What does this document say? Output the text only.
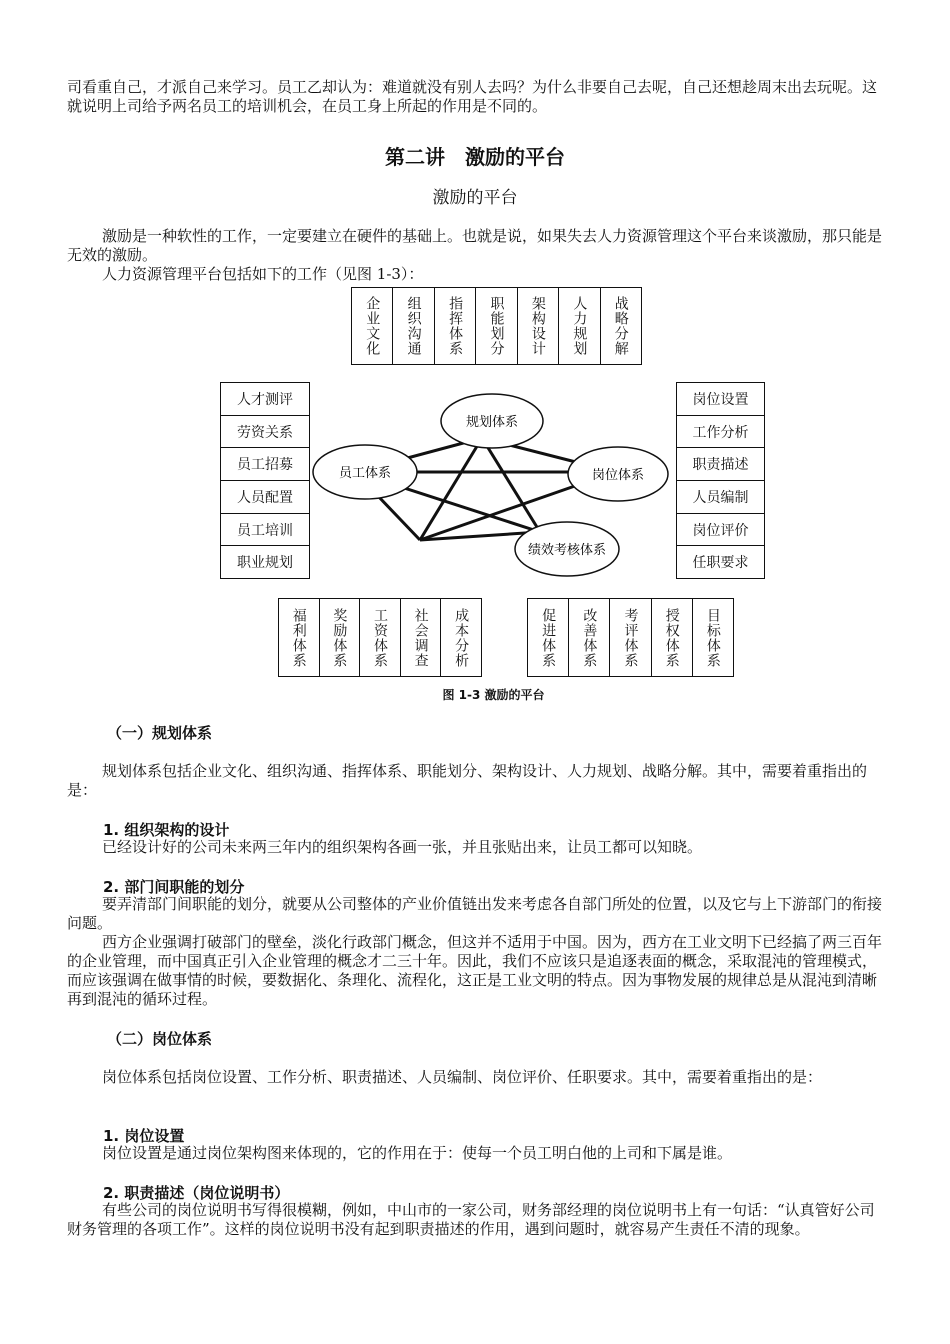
司看重自己，才派自己来学习。员工乙却认为：难道就没有别人去吗？为什么非要自己去呢，自己还想趁周末出去玩呢。这就说明上司给予两名员工的培训机会，在员工身上所起的作用是不同的。

第二讲　激励的平台
激励的平台

激励是一种软性的工作，一定要建立在硬件的基础上。也就是说，如果失去人力资源管理这个平台来谈激励，那只能是无效的激励。

人力资源管理平台包括如下的工作（见图 1-3）：

企业文化	组织沟通	指挥体系	职能划分	架构设计	人力规划	战略分解
人才测评
劳资关系
员工招募
人员配置
员工培训
职业规划
岗位设置
工作分析
职责描述
人员编制
岗位评价
任职要求
规划体系
员工体系	岗位体系
绩效考核体系
福利体系	奖励体系	工资体系	社会调查	成本分析	促进体系	改善体系	考评体系	授权体系	目标体系

图 1-3 激励的平台

（一）规划体系

规划体系包括企业文化、组织沟通、指挥体系、职能划分、架构设计、人力规划、战略分解。其中，需要着重指出的是：

1. 组织架构的设计

已经设计好的公司未来两三年内的组织架构各画一张，并且张贴出来，让员工都可以知晓。

2. 部门间职能的划分

要弄清部门间职能的划分，就要从公司整体的产业价值链出发来考虑各自部门所处的位置，以及它与上下游部门的衔接问题。

西方企业强调打破部门的壁垒，淡化行政部门概念，但这并不适用于中国。因为，西方在工业文明下已经搞了两三百年的企业管理，而中国真正引入企业管理的概念才二三十年。因此，我们不应该只是追逐表面的概念，采取混沌的管理模式，而应该强调在做事情的时候，要数据化、条理化、流程化，这正是工业文明的特点。因为事物发展的规律总是从混沌到清晰再到混沌的循环过程。

（二）岗位体系

岗位体系包括岗位设置、工作分析、职责描述、人员编制、岗位评价、任职要求。其中，需要着重指出的是：

1. 岗位设置

岗位设置是通过岗位架构图来体现的，它的作用在于：使每一个员工明白他的上司和下属是谁。

2. 职责描述（岗位说明书）

有些公司的岗位说明书写得很模糊，例如，中山市的一家公司，财务部经理的岗位说明书上有一句话：“认真管好公司财务管理的各项工作”。这样的岗位说明书没有起到职责描述的作用，遇到问题时，就容易产生责任不清的现象。
